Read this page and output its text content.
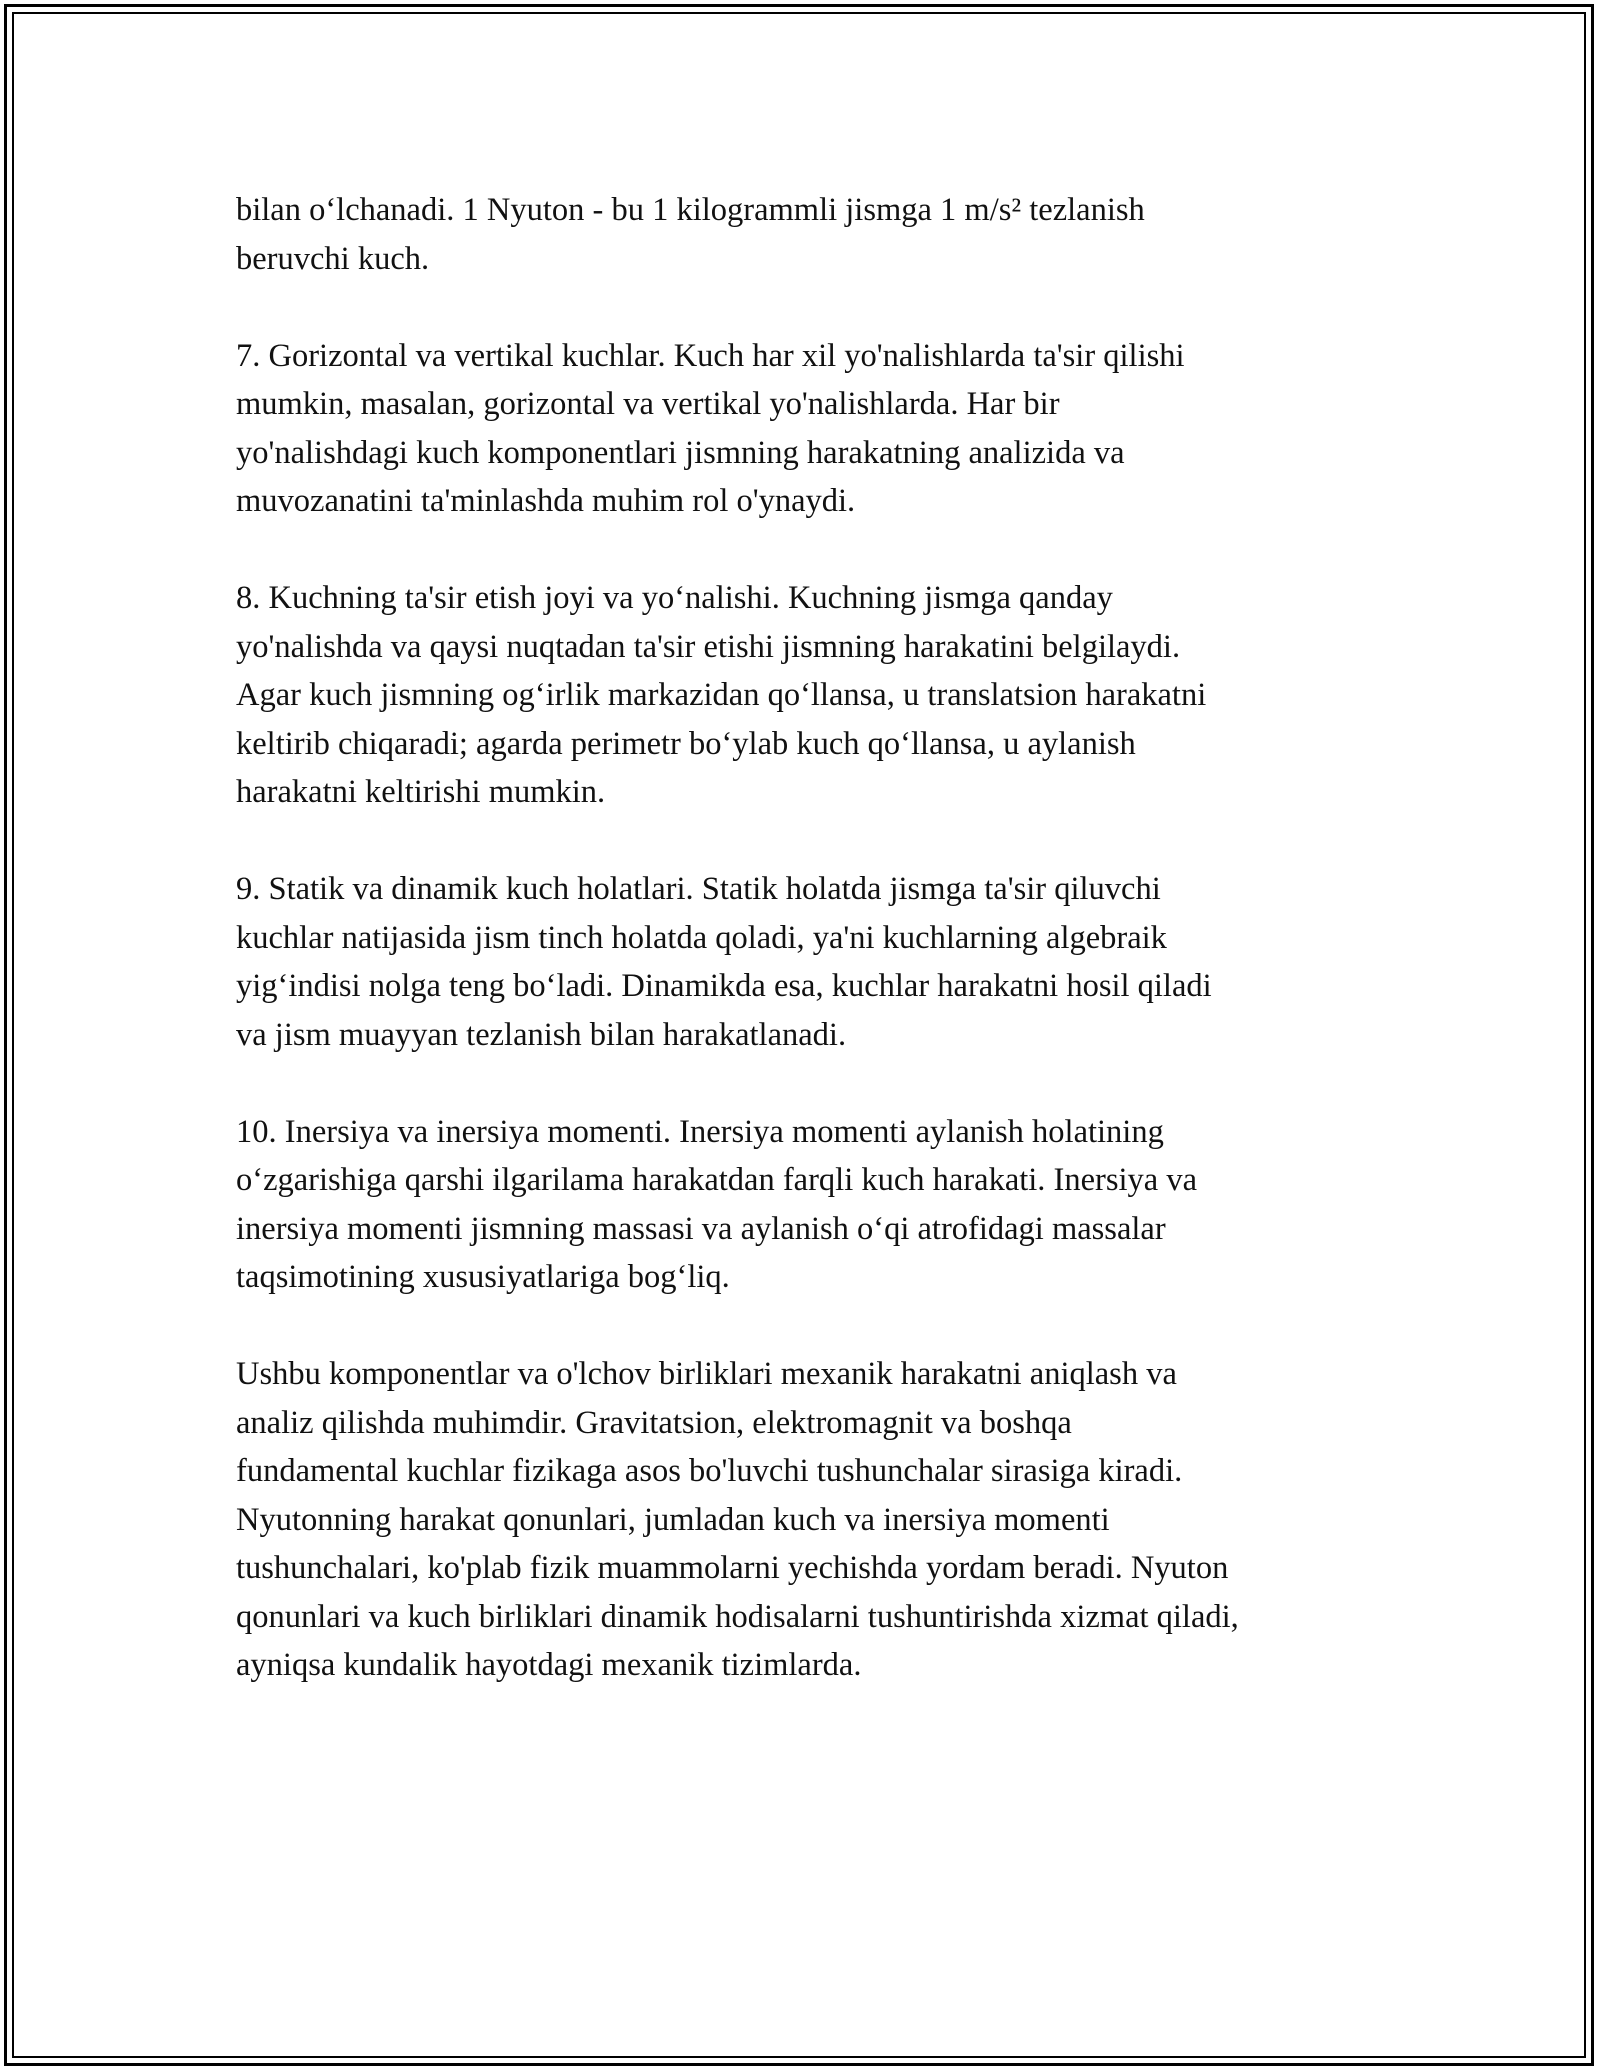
bilan o‘lchanadi. 1 Nyuton - bu 1 kilogrammli jismga 1 m/s² tezlanish
beruvchi kuch.

7. Gorizontal va vertikal kuchlar. Kuch har xil yo'nalishlarda ta'sir qilishi
mumkin, masalan, gorizontal va vertikal yo'nalishlarda. Har bir
yo'nalishdagi kuch komponentlari jismning harakatning analizida va
muvozanatini ta'minlashda muhim rol o'ynaydi.

8. Kuchning ta'sir etish joyi va yo‘nalishi. Kuchning jismga qanday
yo'nalishda va qaysi nuqtadan ta'sir etishi jismning harakatini belgilaydi.
Agar kuch jismning og‘irlik markazidan qo‘llansa, u translatsion harakatni
keltirib chiqaradi; agarda perimetr bo‘ylab kuch qo‘llansa, u aylanish
harakatni keltirishi mumkin.

9. Statik va dinamik kuch holatlari. Statik holatda jismga ta'sir qiluvchi
kuchlar natijasida jism tinch holatda qoladi, ya'ni kuchlarning algebraik
yig‘indisi nolga teng bo‘ladi. Dinamikda esa, kuchlar harakatni hosil qiladi
va jism muayyan tezlanish bilan harakatlanadi.

10. Inersiya va inersiya momenti. Inersiya momenti aylanish holatining
o‘zgarishiga qarshi ilgarilama harakatdan farqli kuch harakati. Inersiya va
inersiya momenti jismning massasi va aylanish o‘qi atrofidagi massalar
taqsimotining xususiyatlariga bog‘liq.

Ushbu komponentlar va o'lchov birliklari mexanik harakatni aniqlash va
analiz qilishda muhimdir. Gravitatsion, elektromagnit va boshqa
fundamental kuchlar fizikaga asos bo'luvchi tushunchalar sirasiga kiradi.
Nyutonning harakat qonunlari, jumladan kuch va inersiya momenti
tushunchalari, ko'plab fizik muammolarni yechishda yordam beradi. Nyuton
qonunlari va kuch birliklari dinamik hodisalarni tushuntirishda xizmat qiladi,
ayniqsa kundalik hayotdagi mexanik tizimlarda.
